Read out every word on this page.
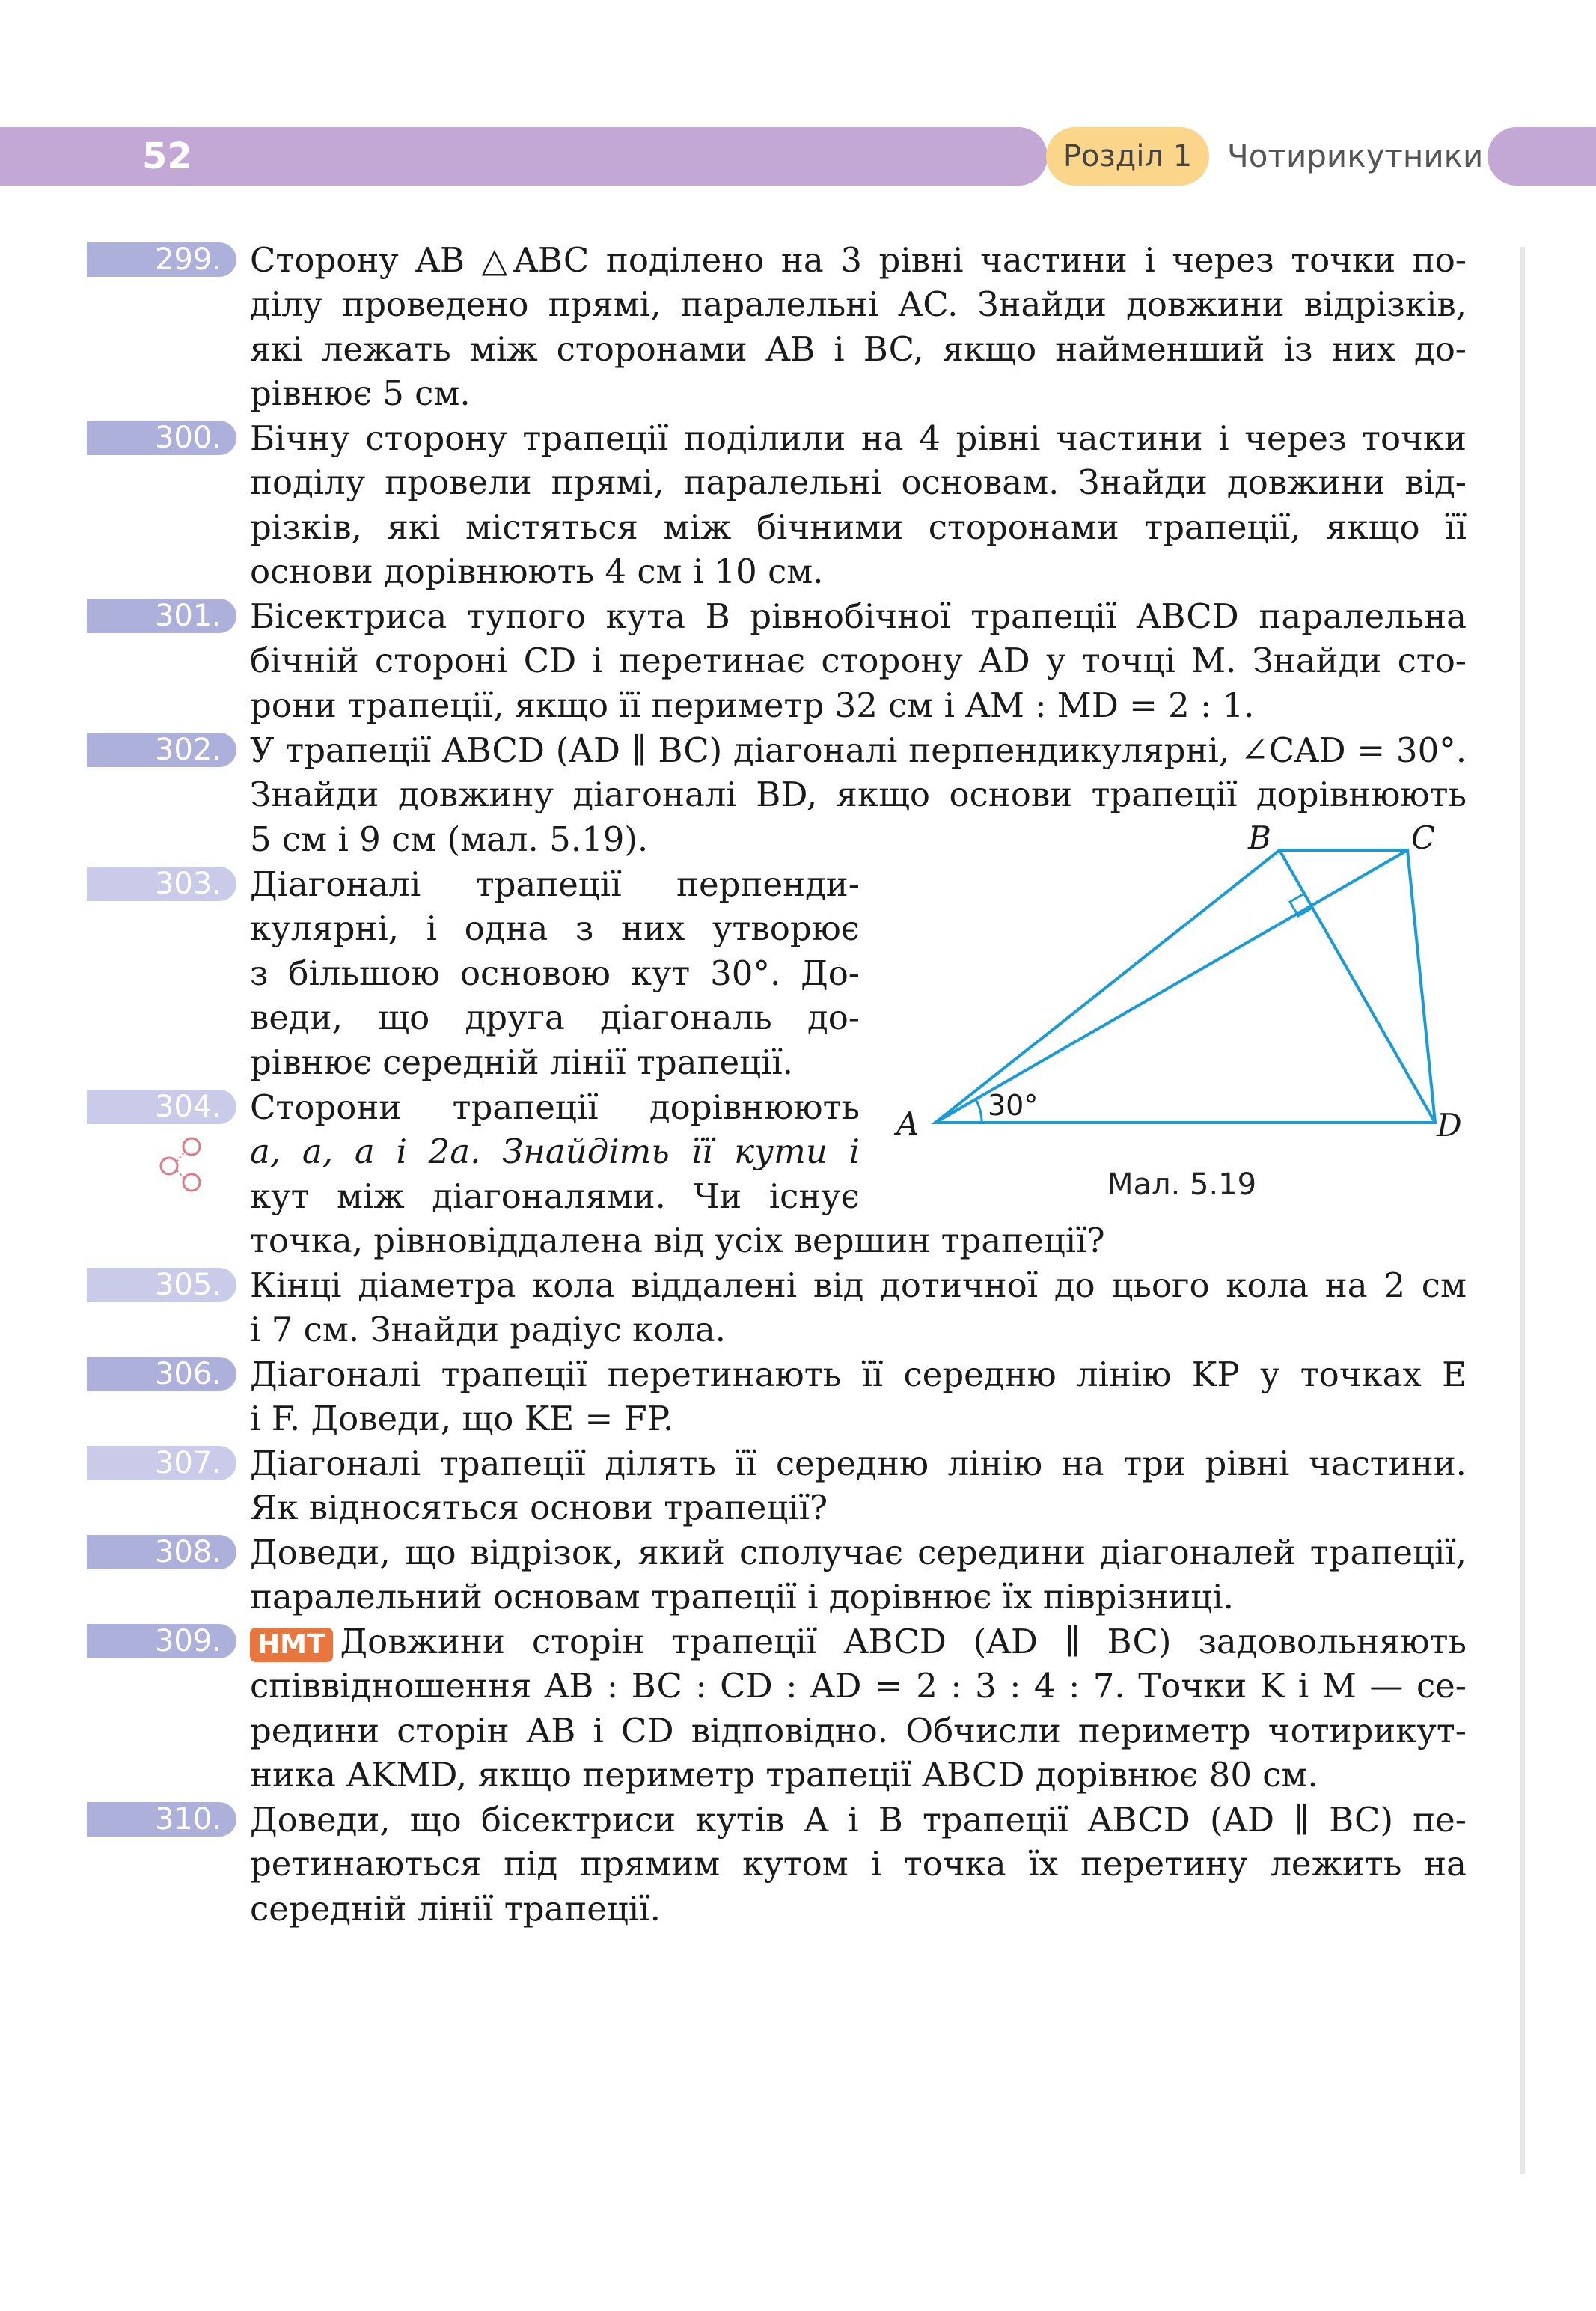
52	Розділ 1	Чотирикутники
299. Сторону AB △ABC поділено на 3 рівні частини і через точки по-
ділу проведено прямі, паралельні AC. Знайди довжини відрізків,
які лежать між сторонами AB і BC, якщо найменший із них до-
рівнює 5 см.
300. Бічну сторону трапеції поділили на 4 рівні частини і через точки
поділу провели прямі, паралельні основам. Знайди довжини від-
різків, які містяться між бічними сторонами трапеції, якщо її
основи дорівнюють 4 см і 10 см.
301. Бісектриса тупого кута B рівнобічної трапеції ABCD паралельна
бічній стороні CD і перетинає сторону AD у точці M. Знайди сто-
рони трапеції, якщо її периметр 32 см і AM : MD = 2 : 1.
302. У трапеції ABCD (AD ∥ BC) діагоналі перпендикулярні, ∠CAD = 30°.
Знайди довжину діагоналі BD, якщо основи трапеції дорівнюють
5 см і 9 см (мал. 5.19).
303. Діагоналі трапеції перпенди-
кулярні, і одна з них утворює
з більшою основою кут 30°. До-
веди, що друга діагональ до-
рівнює середній лінії трапеції.
304. Сторони трапеції дорівнюють
a, a, a і 2a. Знайдіть її кути і
кут між діагоналями. Чи існує
точка, рівновіддалена від усіх вершин трапеції?
305. Кінці діаметра кола віддалені від дотичної до цього кола на 2 см
і 7 см. Знайди радіус кола.
306. Діагоналі трапеції перетинають її середню лінію KP у точках E
і F. Доведи, що KE = FP.
307. Діагоналі трапеції ділять її середню лінію на три рівні частини.
Як відносяться основи трапеції?
308. Доведи, що відрізок, який сполучає середини діагоналей трапеції,
паралельний основам трапеції і дорівнює їх піврізниці.
309.	НМТ Довжини сторін трапеції ABCD (AD ∥ BC) задовольняють
співвідношення AB : BC : CD : AD = 2 : 3 : 4 : 7. Точки K і M — се-
редини сторін AB і CD відповідно. Обчисли периметр чотирикут-
ника AKMD, якщо периметр трапеції ABCD дорівнює 80 см.
310. Доведи, що бісектриси кутів A і B трапеції ABCD (AD ∥ BC) пе-
ретинаються під прямим кутом і точка їх перетину лежить на
середній лінії трапеції.
A
B	C
D
30°
Мал. 5.19
